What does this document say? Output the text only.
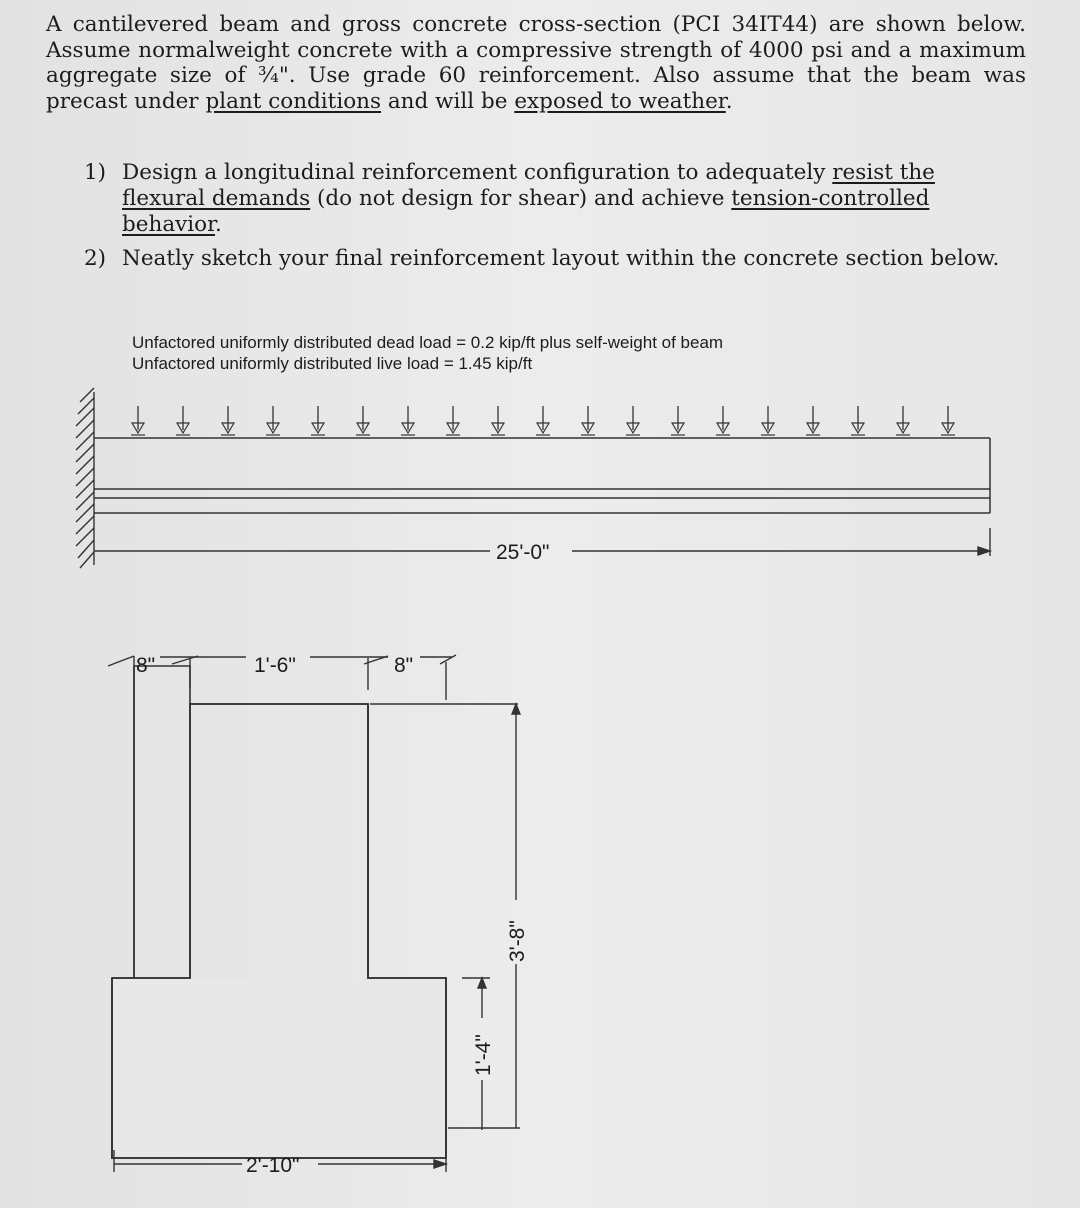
A cantilevered beam and gross concrete cross-section (PCI 34IT44) are shown below. Assume normalweight concrete with a compressive strength of 4000 psi and a maximum aggregate size of ¾". Use grade 60 reinforcement. Also assume that the beam was precast under plant conditions and will be exposed to weather.
1) Design a longitudinal reinforcement configuration to adequately resist the flexural demands (do not design for shear) and achieve tension-controlled behavior.
2) Neatly sketch your final reinforcement layout within the concrete section below.
Unfactored uniformly distributed dead load = 0.2 kip/ft plus self-weight of beam
Unfactored uniformly distributed live load = 1.45 kip/ft
25'-0"
8"	1'-6"	8"
3'-8"
1'-4"
2'-10"
